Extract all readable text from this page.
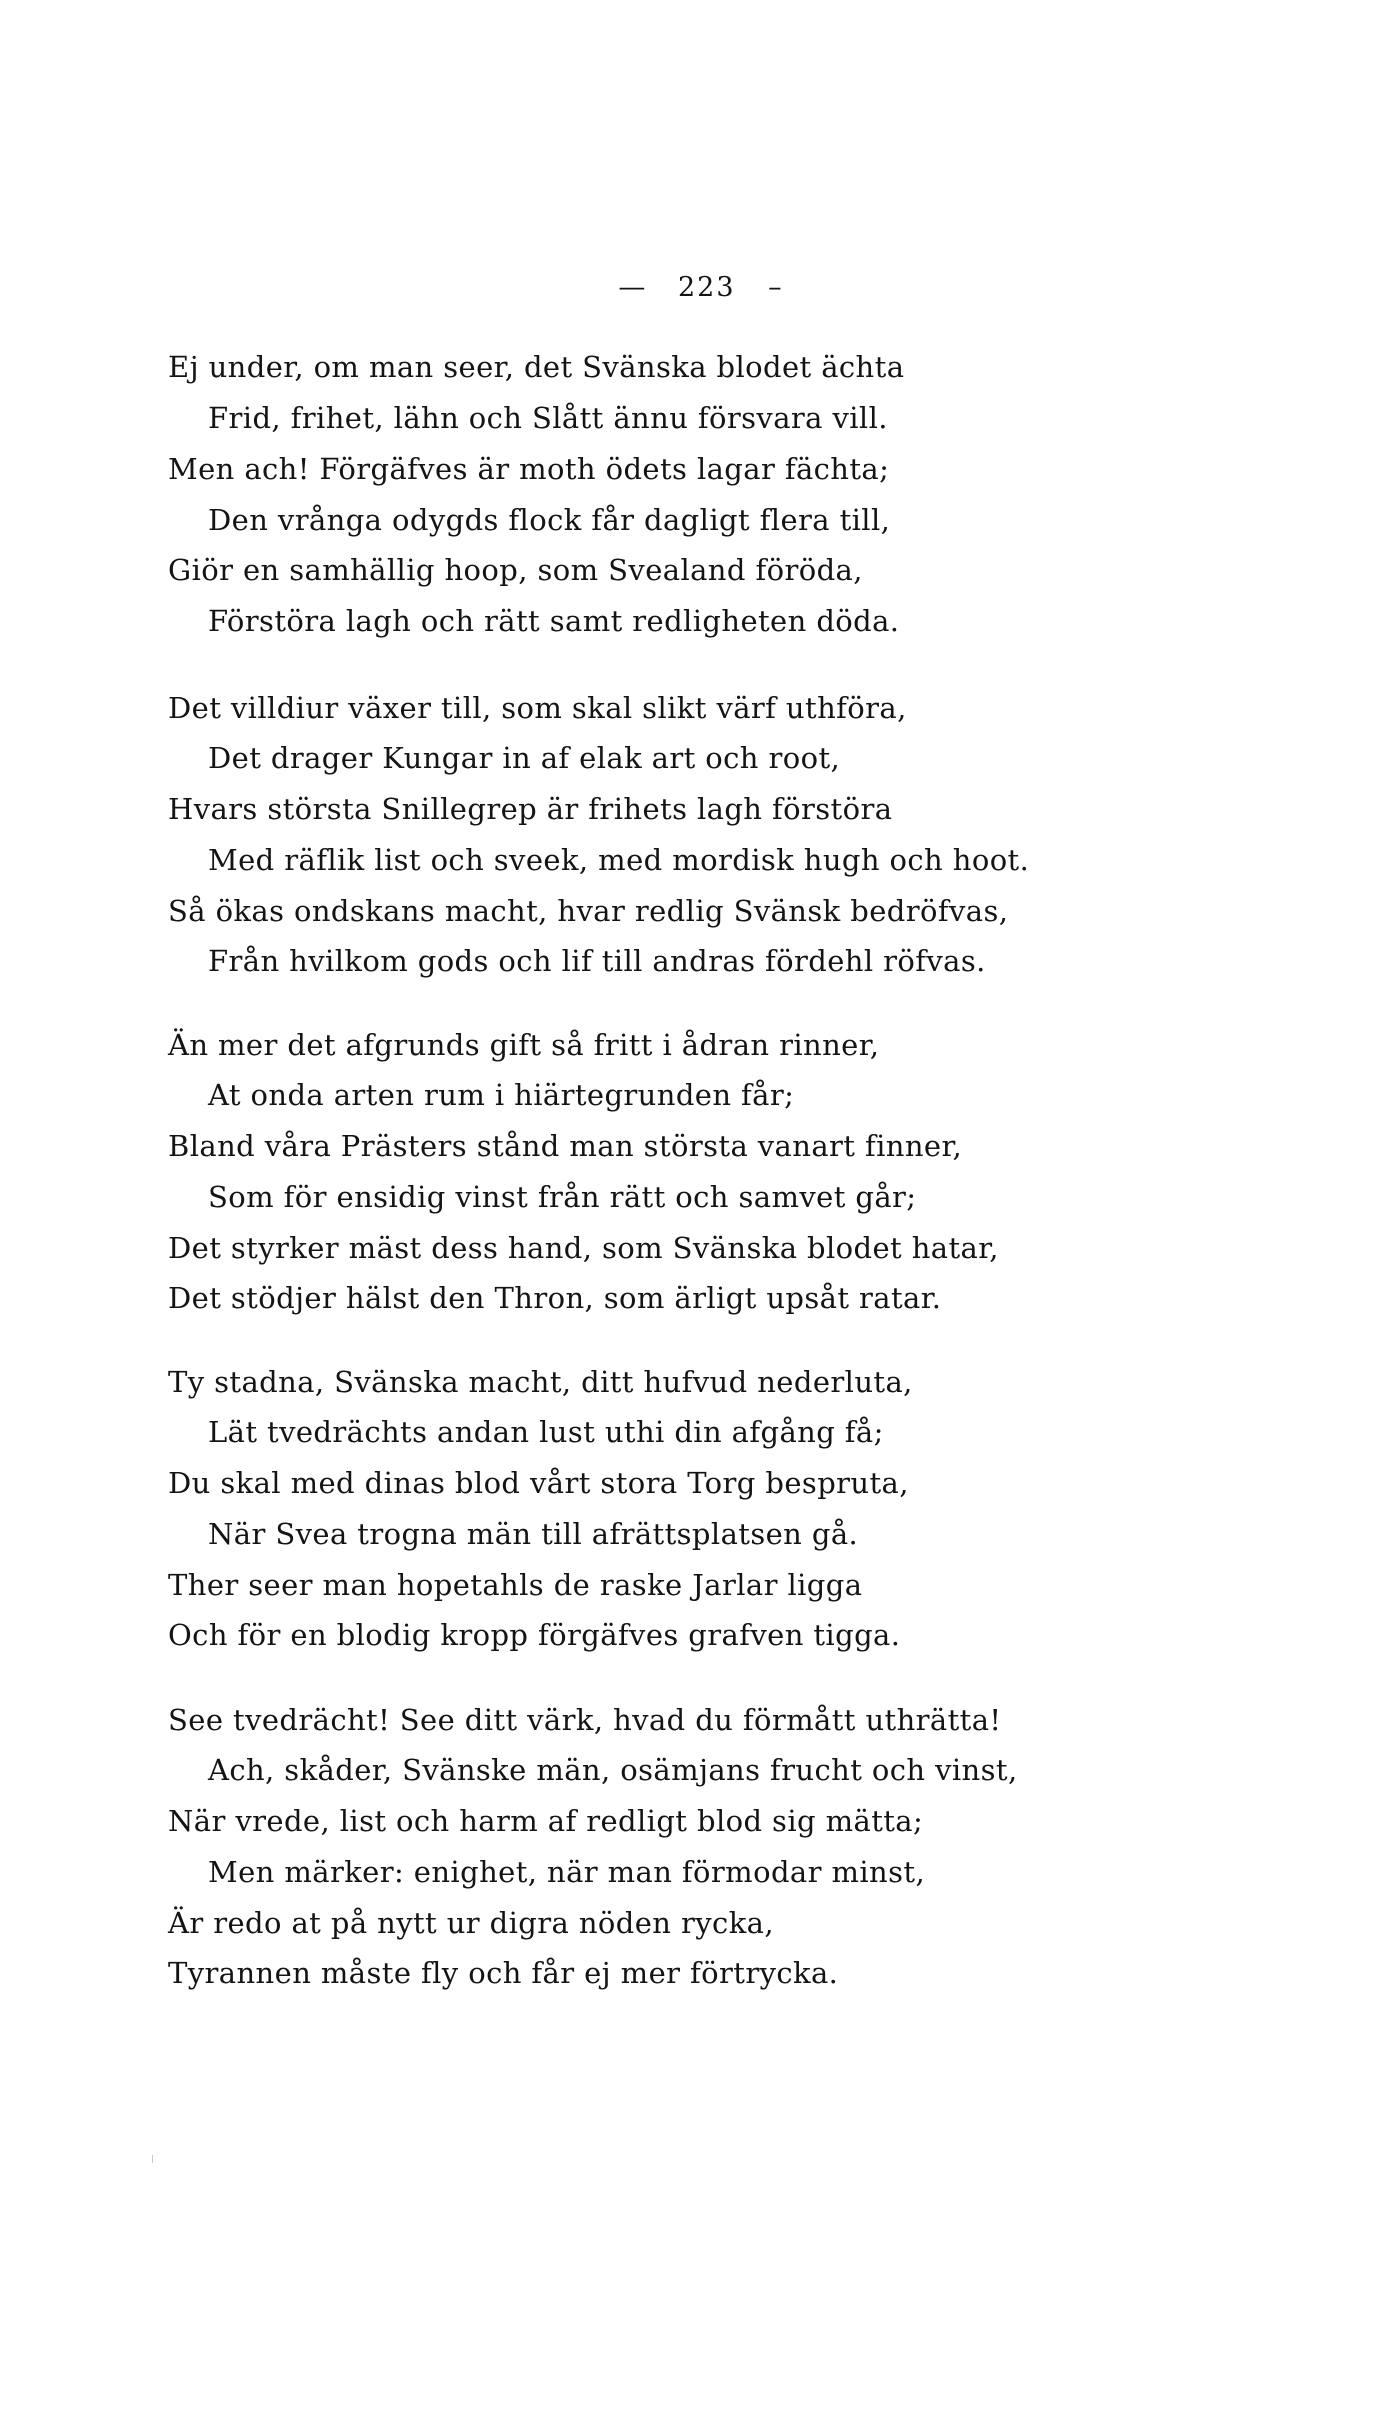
— 223 –
Ej under, om man seer, det Svänska blodet ächta
Frid, frihet, lähn och Slått ännu försvara vill.
Men ach! Förgäfves är moth ödets lagar fächta;
Den vrånga odygds flock får dagligt flera till,
Giör en samhällig hoop, som Svealand föröda,
Förstöra lagh och rätt samt redligheten döda.
Det villdiur växer till, som skal slikt värf uthföra,
Det drager Kungar in af elak art och root,
Hvars största Snillegrep är frihets lagh förstöra
Med räflik list och sveek, med mordisk hugh och hoot.
Så ökas ondskans macht, hvar redlig Svänsk bedröfvas,
Från hvilkom gods och lif till andras fördehl röfvas.
Än mer det afgrunds gift så fritt i ådran rinner,
At onda arten rum i hiärtegrunden får;
Bland våra Prästers stånd man största vanart finner,
Som för ensidig vinst från rätt och samvet går;
Det styrker mäst dess hand, som Svänska blodet hatar,
Det stödjer hälst den Thron, som ärligt upsåt ratar.
Ty stadna, Svänska macht, ditt hufvud nederluta,
Lät tvedrächts andan lust uthi din afgång få;
Du skal med dinas blod vårt stora Torg bespruta,
När Svea trogna män till afrättsplatsen gå.
Ther seer man hopetahls de raske Jarlar ligga
Och för en blodig kropp förgäfves grafven tigga.
See tvedrächt! See ditt värk, hvad du förmått uthrätta!
Ach, skåder, Svänske män, osämjans frucht och vinst,
När vrede, list och harm af redligt blod sig mätta;
Men märker: enighet, när man förmodar minst,
Är redo at på nytt ur digra nöden rycka,
Tyrannen måste fly och får ej mer förtrycka.
